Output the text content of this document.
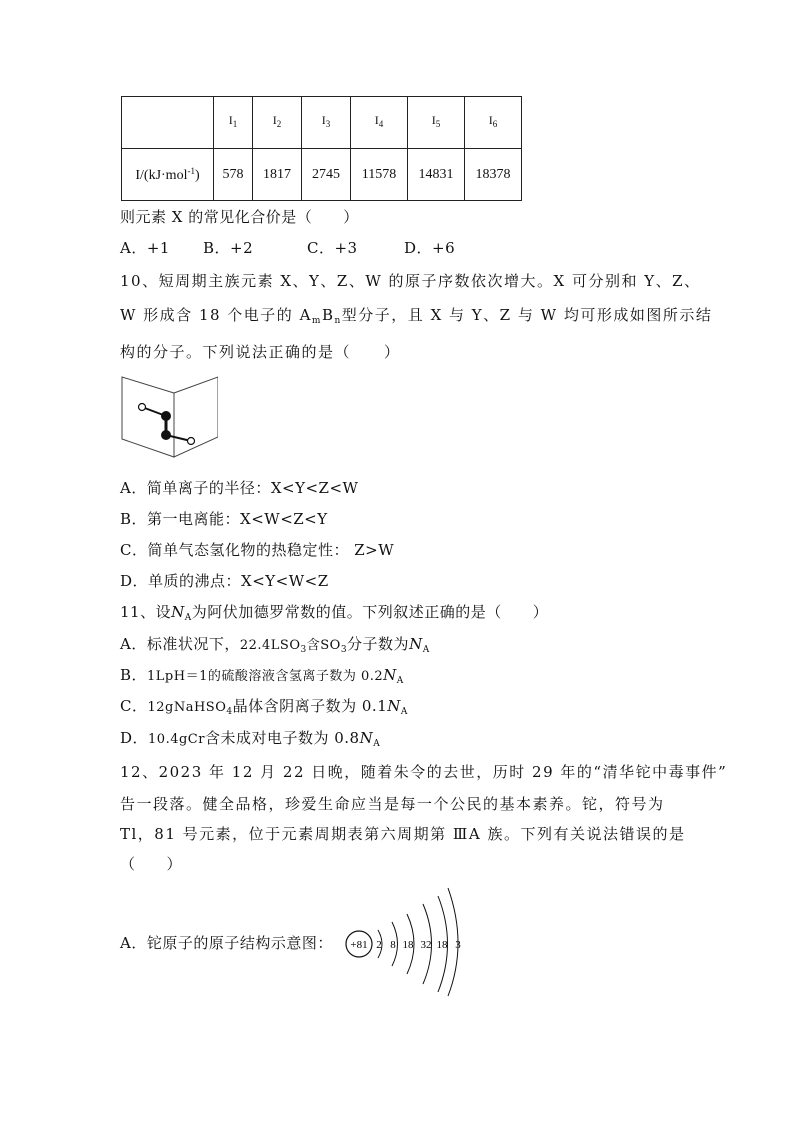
	$I_1$	$I_2$	$I_3$	$I_4$	$I_5$	$I_6$
I/(kJ·mol$^{-1}$)	578	1817	2745	11578	14831	18378
则元素 X 的常见化合价是（　　）
A．+1 B．+2	C．+3	D．+6
10、短周期主族元素 X、Y、Z、W 的原子序数依次增大。X 可分别和 Y、Z、
W 形成含 18 个电子的 $A_mB_n$型分子，且 X 与 Y、Z 与 W 均可形成如图所示结
构的分子。下列说法正确的是（　　）
A．简单离子的半径：X<Y<Z<W
B．第一电离能：X<W<Z<Y
C．简单气态氢化物的热稳定性： Z>W
D．单质的沸点：X<Y<W<Z
11、设$N_A$为阿伏加德罗常数的值。下列叙述正确的是（　　）
A．标准状况下，$22.4LSO_3$含$SO_3$分子数为$N_A$
B．1LpH＝1的硫酸溶液含氢离子数为 $0.2N_A$
C．12gNaHSO$_4$晶体含阴离子数为 $0.1N_A$
D．10.4gCr含未成对电子数为 $0.8N_A$
12、2023 年 12 月 22 日晚，随着朱令的去世，历时 29 年的“清华铊中毒事件”
告一段落。健全品格，珍爱生命应当是每一个公民的基本素养。铊，符号为
Tl，81 号元素，位于元素周期表第六周期第 ⅢA 族。下列有关说法错误的是
（　　）
A．铊原子的原子结构示意图： +81 2 8 18 32 18 3
